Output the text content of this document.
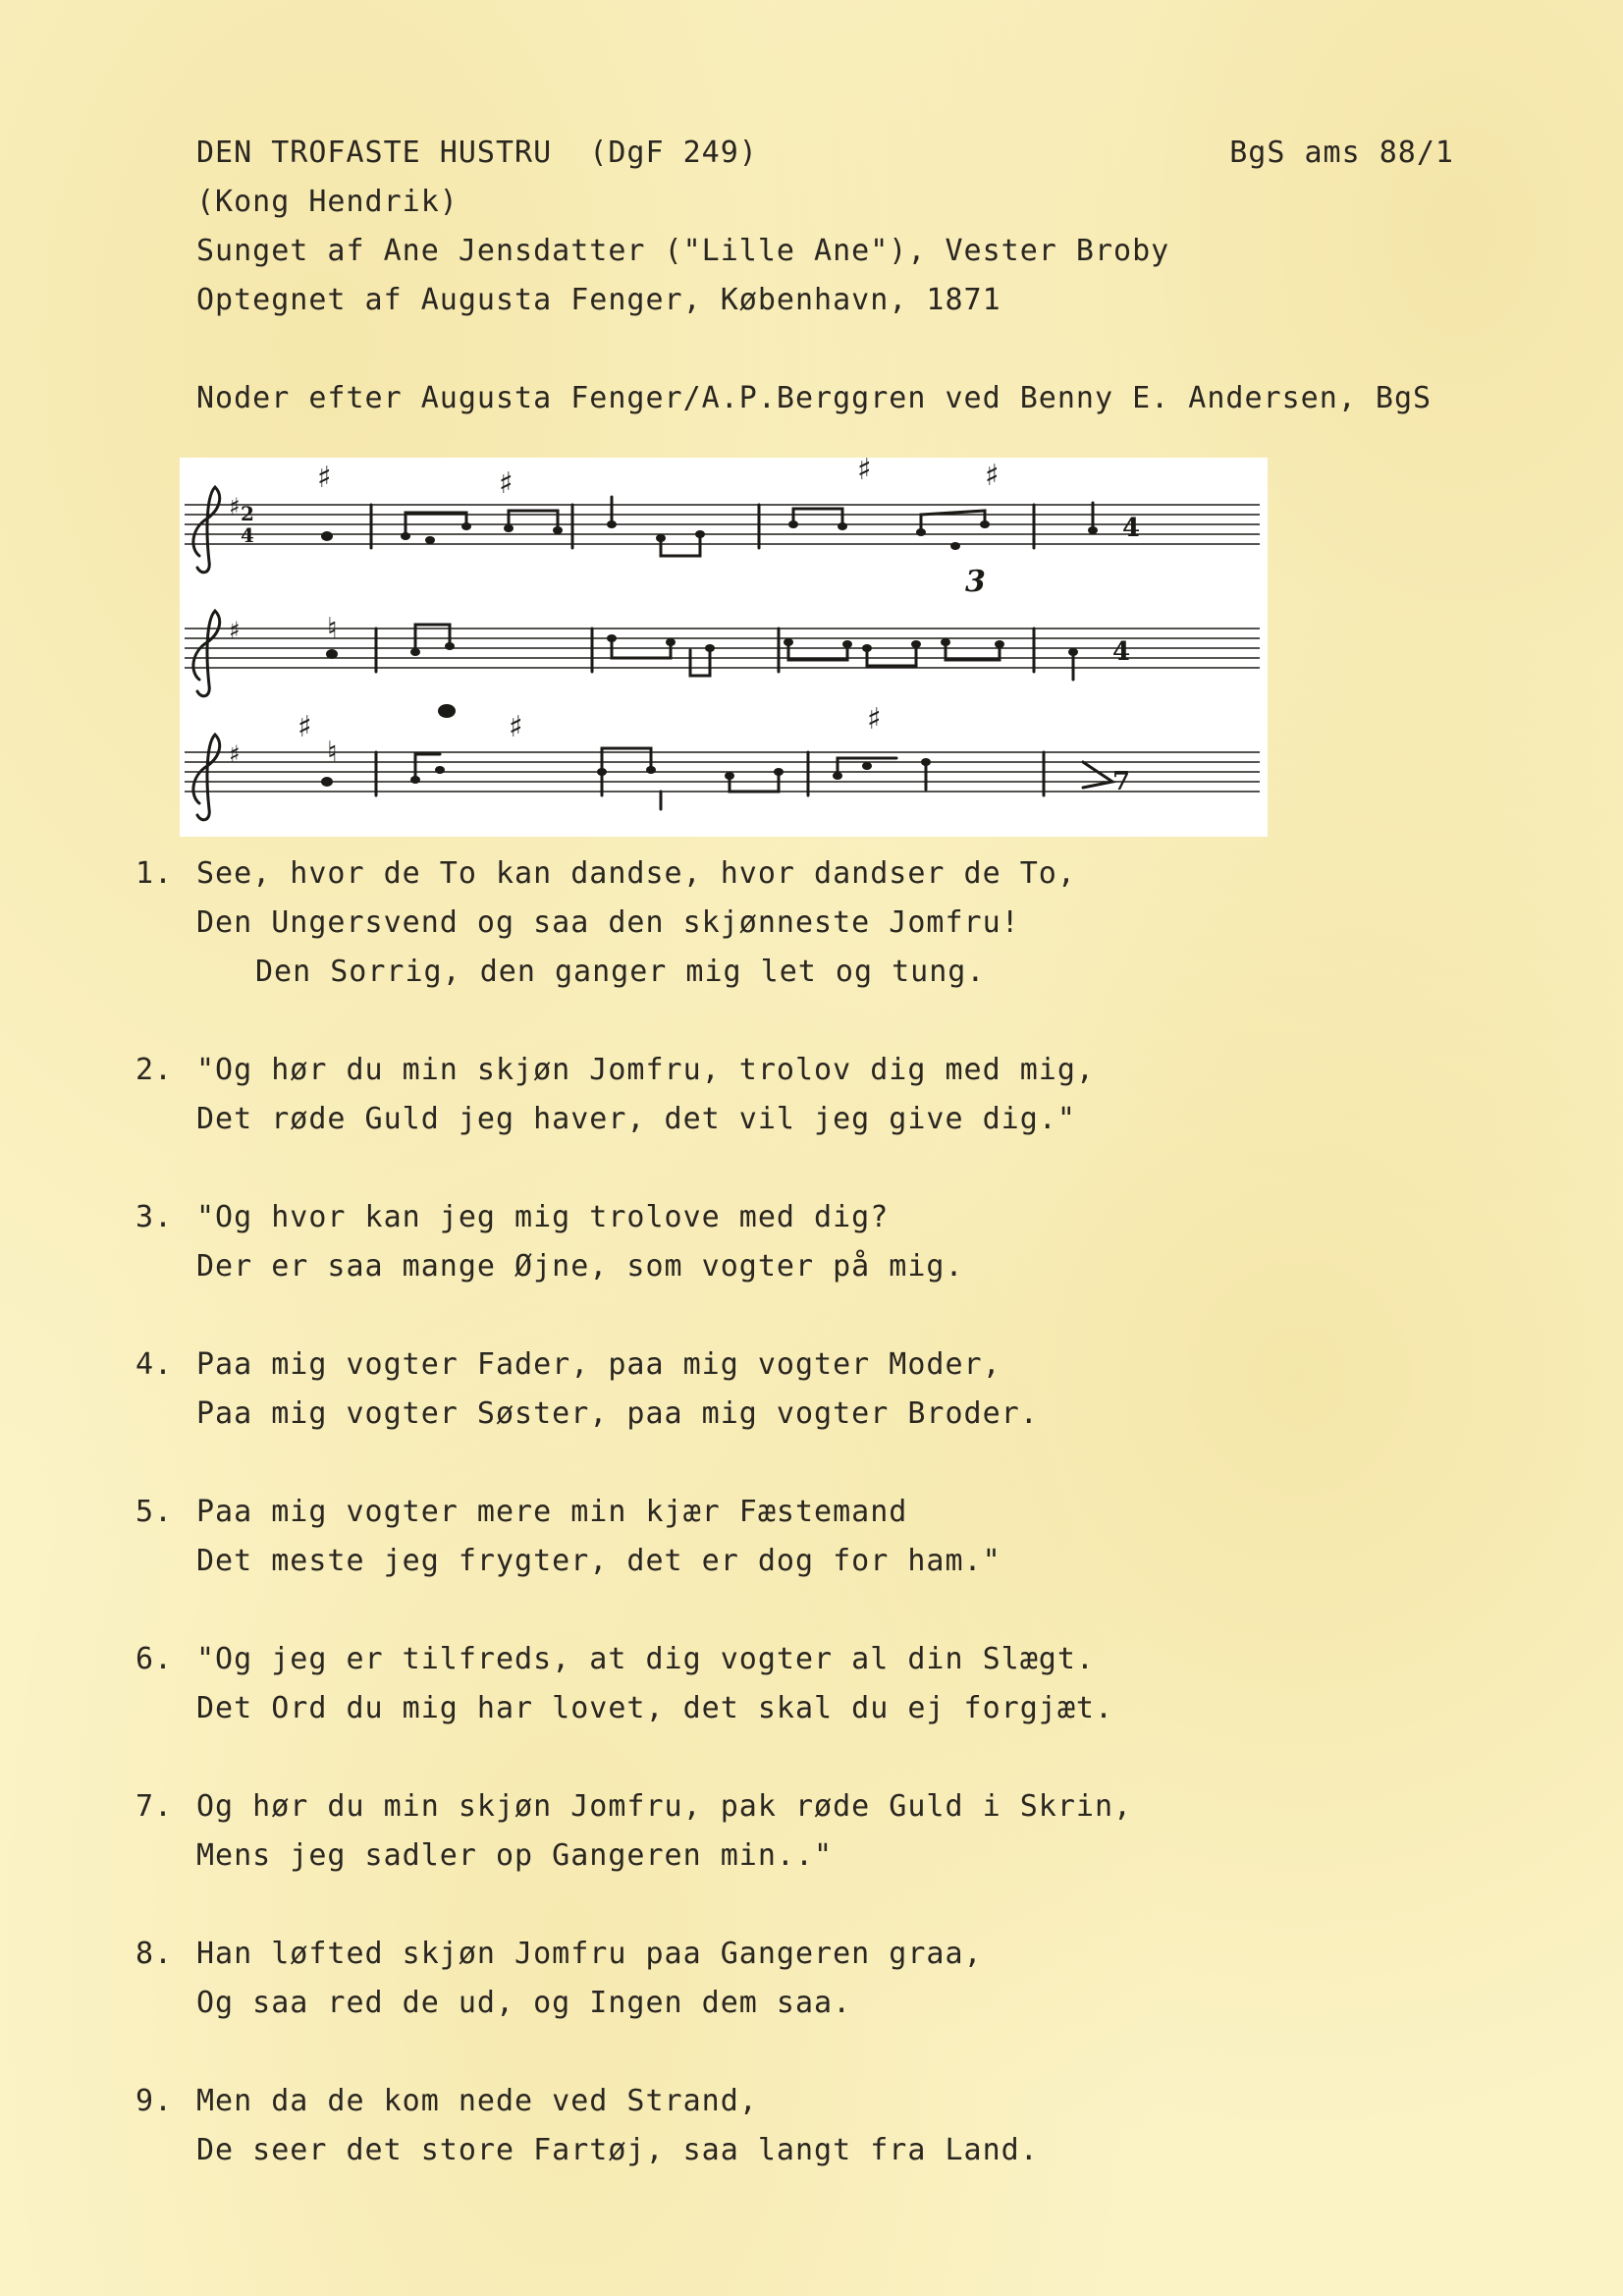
DEN TROFASTE HUSTRU  (DgF 249)	BgS ams 88/1
(Kong Hendrik)
Sunget af Ane Jensdatter ("Lille Ane"), Vester Broby
Optegnet af Augusta Fenger, København, 1871
Noder efter Augusta Fenger/A.P.Berggren ved Benny E. Andersen, BgS
♯
♯
♯
♯	♯	♯	♯
♯	♯	♯
♮
♮
2
4
3
4
4
7
1. See, hvor de To kan dandse, hvor dandser de To,
Den Ungersvend og saa den skjønneste Jomfru!
Den Sorrig, den ganger mig let og tung.
2. "Og hør du min skjøn Jomfru, trolov dig med mig,
Det røde Guld jeg haver, det vil jeg give dig."
3. "Og hvor kan jeg mig trolove med dig?
Der er saa mange Øjne, som vogter på mig.
4. Paa mig vogter Fader, paa mig vogter Moder,
Paa mig vogter Søster, paa mig vogter Broder.
5. Paa mig vogter mere min kjær Fæstemand
Det meste jeg frygter, det er dog for ham."
6. "Og jeg er tilfreds, at dig vogter al din Slægt.
Det Ord du mig har lovet, det skal du ej forgjæt.
7. Og hør du min skjøn Jomfru, pak røde Guld i Skrin,
Mens jeg sadler op Gangeren min.."
8. Han løfted skjøn Jomfru paa Gangeren graa,
Og saa red de ud, og Ingen dem saa.
9. Men da de kom nede ved Strand,
De seer det store Fartøj, saa langt fra Land.
